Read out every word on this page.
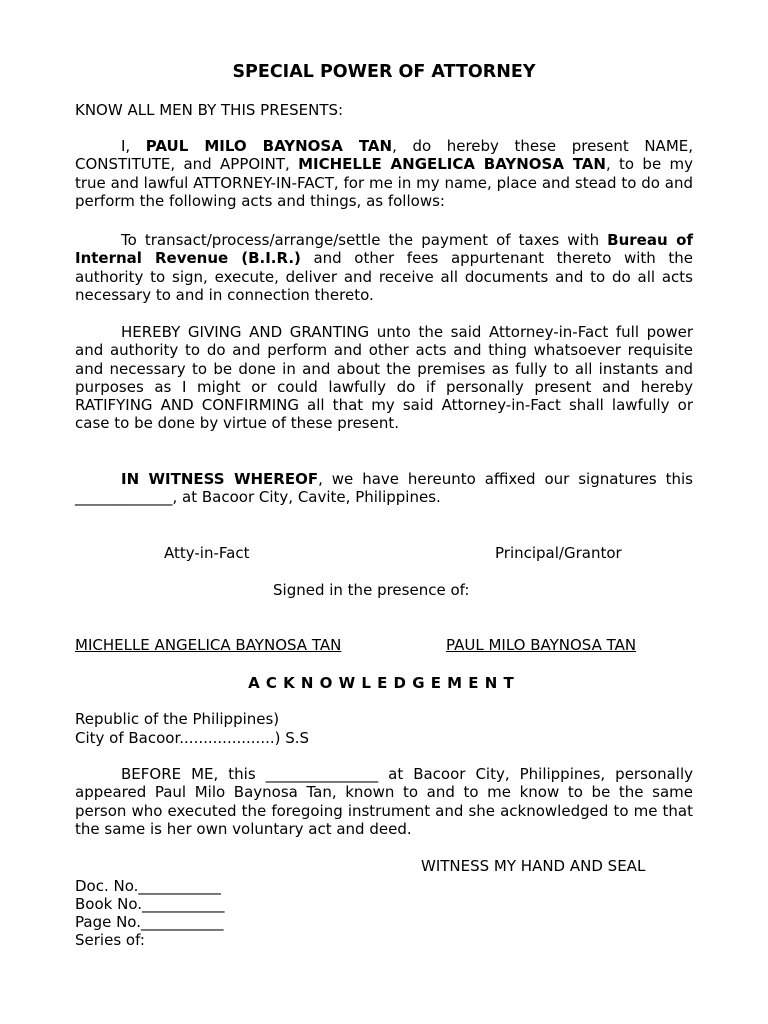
SPECIAL POWER OF ATTORNEY
KNOW ALL MEN BY THIS PRESENTS:
I, PAUL MILO BAYNOSA TAN, do hereby these present NAME, CONSTITUTE, and APPOINT, MICHELLE ANGELICA BAYNOSA TAN, to be my true and lawful ATTORNEY-IN-FACT, for me in my name, place and stead to do and perform the following acts and things, as follows:
To transact/process/arrange/settle the payment of taxes with Bureau of Internal Revenue (B.I.R.) and other fees appurtenant thereto with the authority to sign, execute, deliver and receive all documents and to do all acts necessary to and in connection thereto.
HEREBY GIVING AND GRANTING unto the said Attorney-in-Fact full power and authority to do and perform and other acts and thing whatsoever requisite and necessary to be done in and about the premises as fully to all instants and purposes as I might or could lawfully do if personally present and hereby RATIFYING AND CONFIRMING all that my said Attorney-in-Fact shall lawfully or case to be done by virtue of these present.
IN WITNESS WHEREOF, we have hereunto affixed our signatures this _____________, at Bacoor City, Cavite, Philippines.
Atty-in-Fact	Principal/Grantor
Signed in the presence of:
MICHELLE ANGELICA BAYNOSA TAN	PAUL MILO BAYNOSA TAN
ACKNOWLEDGEMENT
Republic of the Philippines)
City of Bacoor....................) S.S
BEFORE ME, this _______________ at Bacoor City, Philippines, personally appeared Paul Milo Baynosa Tan, known to and to me know to be the same person who executed the foregoing instrument and she acknowledged to me that the same is her own voluntary act and deed.
WITNESS MY HAND AND SEAL
Doc. No.___________
Book No.___________
Page No.___________
Series of:
